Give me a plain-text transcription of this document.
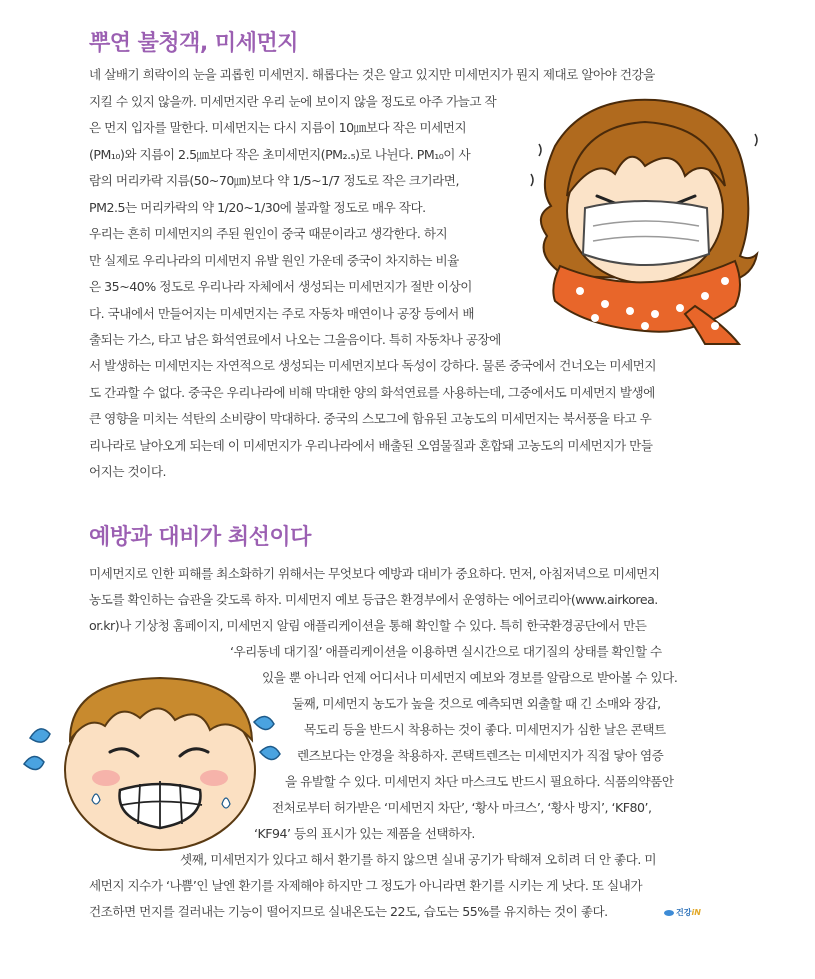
뿌연 불청객, 미세먼지
네 살배기 희락이의 눈을 괴롭힌 미세먼지. 해롭다는 것은 알고 있지만 미세먼지가 뭔지 제대로 알아야 건강을
지킬 수 있지 않을까. 미세먼지란 우리 눈에 보이지 않을 정도로 아주 가늘고 작
은 먼지 입자를 말한다. 미세먼지는 다시 지름이 10㎛보다 작은 미세먼지
(PM₁₀)와 지름이 2.5㎛보다 작은 초미세먼지(PM₂.₅)로 나뉜다. PM₁₀이 사
람의 머리카락 지름(50~70㎛)보다 약 1/5~1/7 정도로 작은 크기라면,
PM2.5는 머리카락의 약 1/20~1/30에 불과할 정도로 매우 작다.
우리는 흔히 미세먼지의 주된 원인이 중국 때문이라고 생각한다. 하지
만 실제로 우리나라의 미세먼지 유발 원인 가운데 중국이 차지하는 비율
은 35~40% 정도로 우리나라 자체에서 생성되는 미세먼지가 절반 이상이
다. 국내에서 만들어지는 미세먼지는 주로 자동차 매연이나 공장 등에서 배
출되는 가스, 타고 남은 화석연료에서 나오는 그을음이다. 특히 자동차나 공장에
서 발생하는 미세먼지는 자연적으로 생성되는 미세먼지보다 독성이 강하다. 물론 중국에서 건너오는 미세먼지
도 간과할 수 없다. 중국은 우리나라에 비해 막대한 양의 화석연료를 사용하는데, 그중에서도 미세먼지 발생에
큰 영향을 미치는 석탄의 소비량이 막대하다. 중국의 스모그에 함유된 고농도의 미세먼지는 북서풍을 타고 우
리나라로 날아오게 되는데 이 미세먼지가 우리나라에서 배출된 오염물질과 혼합돼 고농도의 미세먼지가 만들
어지는 것이다.
예방과 대비가 최선이다
미세먼지로 인한 피해를 최소화하기 위해서는 무엇보다 예방과 대비가 중요하다. 먼저, 아침저녁으로 미세먼지
농도를 확인하는 습관을 갖도록 하자. 미세먼지 예보 등급은 환경부에서 운영하는 에어코리아(www.airkorea.
or.kr)나 기상청 홈페이지, 미세먼지 알림 애플리케이션을 통해 확인할 수 있다. 특히 한국환경공단에서 만든
‘우리동네 대기질’ 애플리케이션을 이용하면 실시간으로 대기질의 상태를 확인할 수
있을 뿐 아니라 언제 어디서나 미세먼지 예보와 경보를 알람으로 받아볼 수 있다.
둘째, 미세먼지 농도가 높을 것으로 예측되면 외출할 때 긴 소매와 장갑,
목도리 등을 반드시 착용하는 것이 좋다. 미세먼지가 심한 날은 콘택트
렌즈보다는 안경을 착용하자. 콘택트렌즈는 미세먼지가 직접 닿아 염증
을 유발할 수 있다. 미세먼지 차단 마스크도 반드시 필요하다. 식품의약품안
전처로부터 허가받은 ‘미세먼지 차단’, ‘황사 마크스’, ‘황사 방지’, ‘KF80’,
‘KF94’ 등의 표시가 있는 제품을 선택하자.
셋째, 미세먼지가 있다고 해서 환기를 하지 않으면 실내 공기가 탁해져 오히려 더 안 좋다. 미
세먼지 지수가 ‘나쁨’인 날엔 환기를 자제해야 하지만 그 정도가 아니라면 환기를 시키는 게 낫다. 또 실내가
건조하면 먼지를 걸러내는 기능이 떨어지므로 실내온도는 22도, 습도는 55%를 유지하는 것이 좋다.	건강iN
